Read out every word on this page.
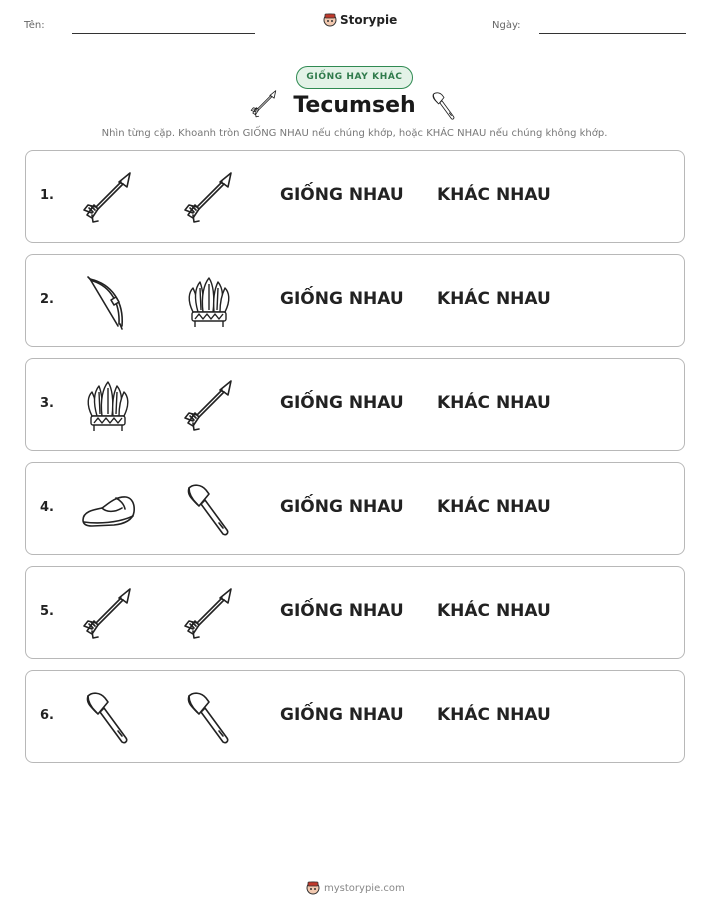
Tên:	Storypie	Ngày:
GIỐNG HAY KHÁC
Tecumseh
Nhìn từng cặp. Khoanh tròn GIỐNG NHAU nếu chúng khớp, hoặc KHÁC NHAU nếu chúng không khớp.
1.	GIỐNG NHAU KHÁC NHAU
2.	GIỐNG NHAU KHÁC NHAU
3.	GIỐNG NHAU KHÁC NHAU
4.	GIỐNG NHAU KHÁC NHAU
5.	GIỐNG NHAU KHÁC NHAU
6.	GIỐNG NHAU KHÁC NHAU
mystorypie.com
